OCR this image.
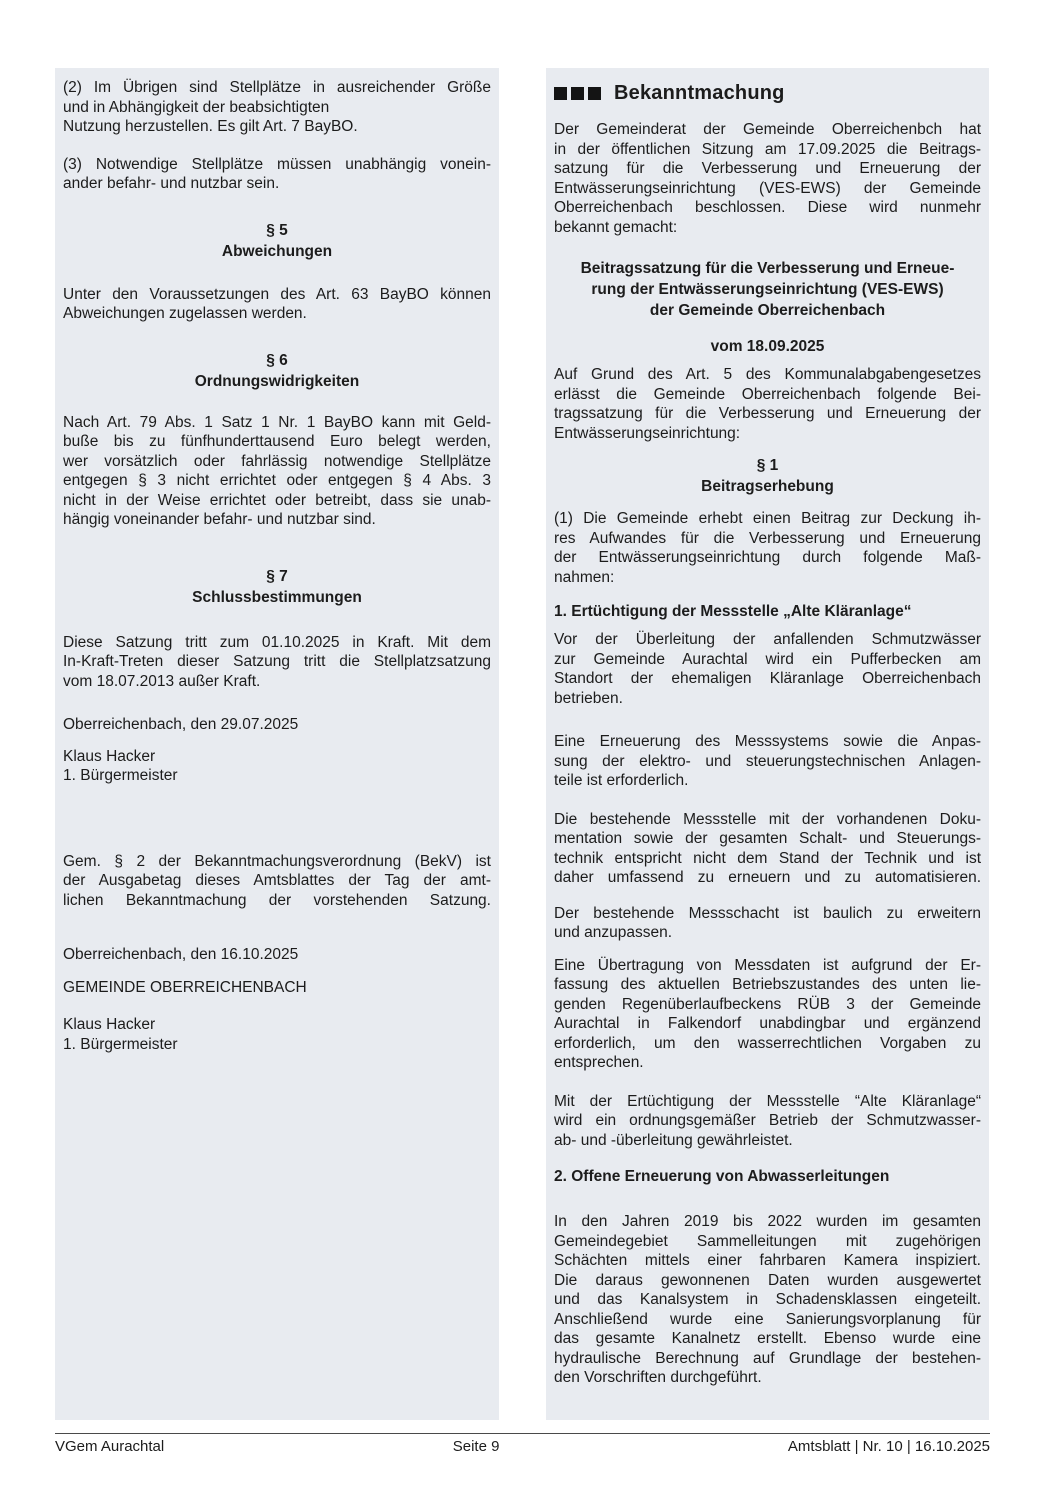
(2) Im Übrigen sind Stellplätze in ausreichender Größe
und in Abhängigkeit der beabsichtigten
Nutzung herzustellen. Es gilt Art. 7 BayBO.
(3) Notwendige Stellplätze müssen unabhängig vonein-
ander befahr- und nutzbar sein.
§ 5
Abweichungen
Unter den Voraussetzungen des Art. 63 BayBO können
Abweichungen zugelassen werden.
§ 6
Ordnungswidrigkeiten
Nach Art. 79 Abs. 1 Satz 1 Nr. 1 BayBO kann mit Geld-
buße bis zu fünfhunderttausend Euro belegt werden,
wer vorsätzlich oder fahrlässig notwendige Stellplätze
entgegen § 3 nicht errichtet oder entgegen § 4 Abs. 3
nicht in der Weise errichtet oder betreibt, dass sie unab-
hängig voneinander befahr- und nutzbar sind.
§ 7
Schlussbestimmungen
Diese Satzung tritt zum 01.10.2025 in Kraft. Mit dem
In-Kraft-Treten dieser Satzung tritt die Stellplatzsatzung
vom 18.07.2013 außer Kraft.
Oberreichenbach, den 29.07.2025
Klaus Hacker
1. Bürgermeister
Gem. § 2 der Bekanntmachungsverordnung (BekV) ist
der Ausgabetag dieses Amtsblattes der Tag der amt-
lichen Bekanntmachung der vorstehenden Satzung.
Oberreichenbach, den 16.10.2025
GEMEINDE OBERREICHENBACH
Klaus Hacker
1. Bürgermeister
Bekanntmachung
Der Gemeinderat der Gemeinde Oberreichenbch hat
in der öffentlichen Sitzung am 17.09.2025 die Beitrags-
satzung für die Verbesserung und Erneuerung der
Entwässerungseinrichtung (VES-EWS) der Gemeinde
Oberreichenbach beschlossen. Diese wird nunmehr
bekannt gemacht:
Beitragssatzung für die Verbesserung und Erneue-
rung der Entwässerungseinrichtung (VES-EWS)
der Gemeinde Oberreichenbach
vom 18.09.2025
Auf Grund des Art. 5 des Kommunalabgabengesetzes
erlässt die Gemeinde Oberreichenbach folgende Bei-
tragssatzung für die Verbesserung und Erneuerung der
Entwässerungseinrichtung:
§ 1
Beitragserhebung
(1) Die Gemeinde erhebt einen Beitrag zur Deckung ih-
res Aufwandes für die Verbesserung und Erneuerung
der Entwässerungseinrichtung durch folgende Maß-
nahmen:
1. Ertüchtigung der Messstelle „Alte Kläranlage“
Vor der Überleitung der anfallenden Schmutzwässer
zur Gemeinde Aurachtal wird ein Pufferbecken am
Standort der ehemaligen Kläranlage Oberreichenbach
betrieben.
Eine Erneuerung des Messsystems sowie die Anpas-
sung der elektro- und steuerungstechnischen Anlagen-
teile ist erforderlich.
Die bestehende Messstelle mit der vorhandenen Doku-
mentation sowie der gesamten Schalt- und Steuerungs-
technik entspricht nicht dem Stand der Technik und ist
daher umfassend zu erneuern und zu automatisieren.
Der bestehende Messschacht ist baulich zu erweitern
und anzupassen.
Eine Übertragung von Messdaten ist aufgrund der Er-
fassung des aktuellen Betriebszustandes des unten lie-
genden Regenüberlaufbeckens RÜB 3 der Gemeinde
Aurachtal in Falkendorf unabdingbar und ergänzend
erforderlich, um den wasserrechtlichen Vorgaben zu
entsprechen.
Mit der Ertüchtigung der Messstelle “Alte Kläranlage“
wird ein ordnungsgemäßer Betrieb der Schmutzwasser-
ab- und -überleitung gewährleistet.
2. Offene Erneuerung von Abwasserleitungen
In den Jahren 2019 bis 2022 wurden im gesamten
Gemeindegebiet Sammelleitungen mit zugehörigen
Schächten mittels einer fahrbaren Kamera inspiziert.
Die daraus gewonnenen Daten wurden ausgewertet
und das Kanalsystem in Schadensklassen eingeteilt.
Anschließend wurde eine Sanierungsvorplanung für
das gesamte Kanalnetz erstellt. Ebenso wurde eine
hydraulische Berechnung auf Grundlage der bestehen-
den Vorschriften durchgeführt.
VGem Aurachtal	Seite 9	Amtsblatt | Nr. 10 | 16.10.2025
